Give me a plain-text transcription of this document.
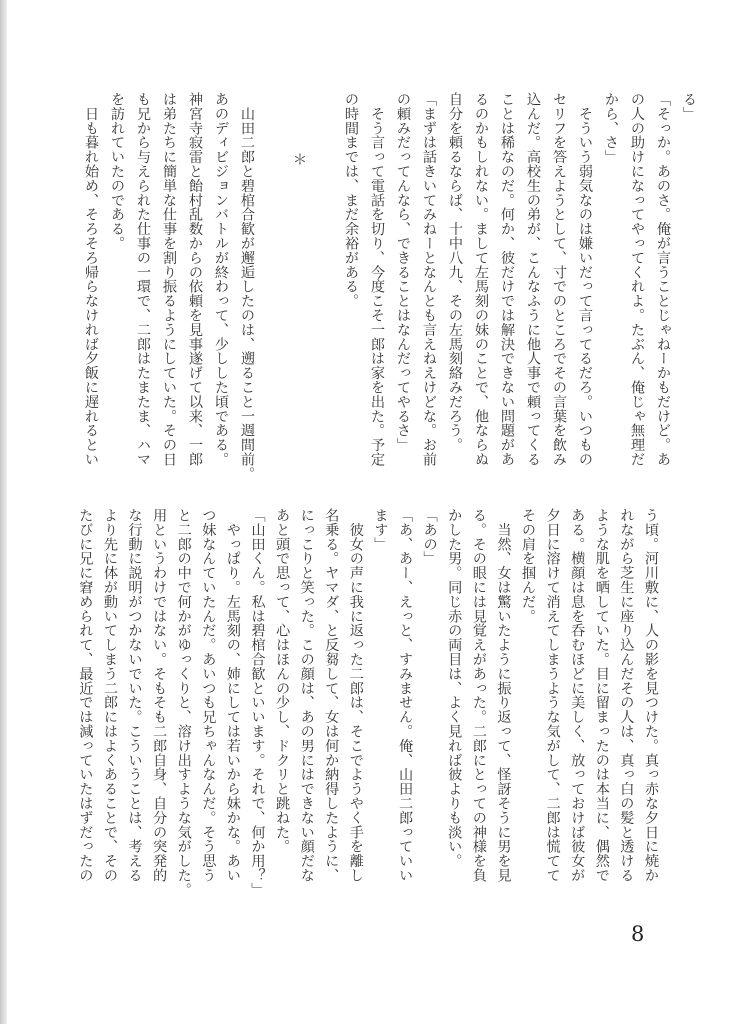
る」
「そっか。あのさ。俺が言うことじゃねーかもだけど。あ
の人の助けになってやってくれよ。たぶん、俺じゃ無理だ
から、さ」
　そういう弱気なのは嫌いだって言ってるだろ。いつもの
セリフを答えようとして、寸でのところでその言葉を飲み
込んだ。高校生の弟が、こんなふうに他人事で頼ってくる
ことは稀なのだ。何か、彼だけでは解決できない問題があ
るのかもしれない。まして左馬刻の妹のことで、他ならぬ
自分を頼るならば、十中八九、その左馬刻絡みだろう。
「まずは話きいてみねーとなんとも言えねえけどな。お前
の頼みだってんなら、できることはなんだってやるさ」
　そう言って電話を切り、今度こそ一郎は家を出た。予定
の時間までは、まだ余裕がある。
＊
　山田二郎と碧棺合歓が邂逅したのは、遡ること一週間前。
あのディビジョンバトルが終わって、少しした頃である。
神宮寺寂雷と飴村乱数からの依頼を見事遂げて以来、一郎
は弟たちに簡単な仕事を割り振るようにしていた。その日
も兄から与えられた仕事の一環で、二郎はたまたま、ハマ
を訪れていたのである。
　日も暮れ始め、そろそろ帰らなければ夕飯に遅れるとい
う頃。河川敷に、人の影を見つけた。真っ赤な夕日に焼か
れながら芝生に座り込んだその人は、真っ白の髪と透ける
ような肌を晒していた。目に留まったのは本当に、偶然で
ある。横顔は息を呑むほどに美しく、放っておけば彼女が
夕日に溶けて消えてしまうような気がして、二郎は慌てて
その肩を掴んだ。
　当然、女は驚いたように振り返って、怪訝そうに男を見
る。その眼には見覚えがあった。二郎にとっての神様を負
かした男。同じ赤の両目は、よく見れば彼よりも淡い。
「あの」
「あ、あー、えっと、すみません。俺、山田二郎っていい
ます」
　彼女の声に我に返った二郎は、そこでようやく手を離し
名乗る。ヤマダ、と反芻して、女は何か納得したように、
にっこりと笑った。この顔は、あの男にはできない顔だな
あと頭で思って、心はほんの少し、ドクリと跳ねた。
「山田くん。私は碧棺合歓といいます。それで、何か用？」
　やっぱり。左馬刻の、姉にしては若いから妹かな。あい
つ妹なんていたんだ。あいつも兄ちゃんなんだ。そう思う
と二郎の中で何かがゆっくりと、溶け出すような気がした。
用というわけではない。そもそも二郎自身、自分の突発的
な行動に説明がつかないでいた。こういうことは、考える
より先に体が動いてしまう二郎にはよくあることで、その
たびに兄に窘められて、最近では減っていたはずだったの
8
